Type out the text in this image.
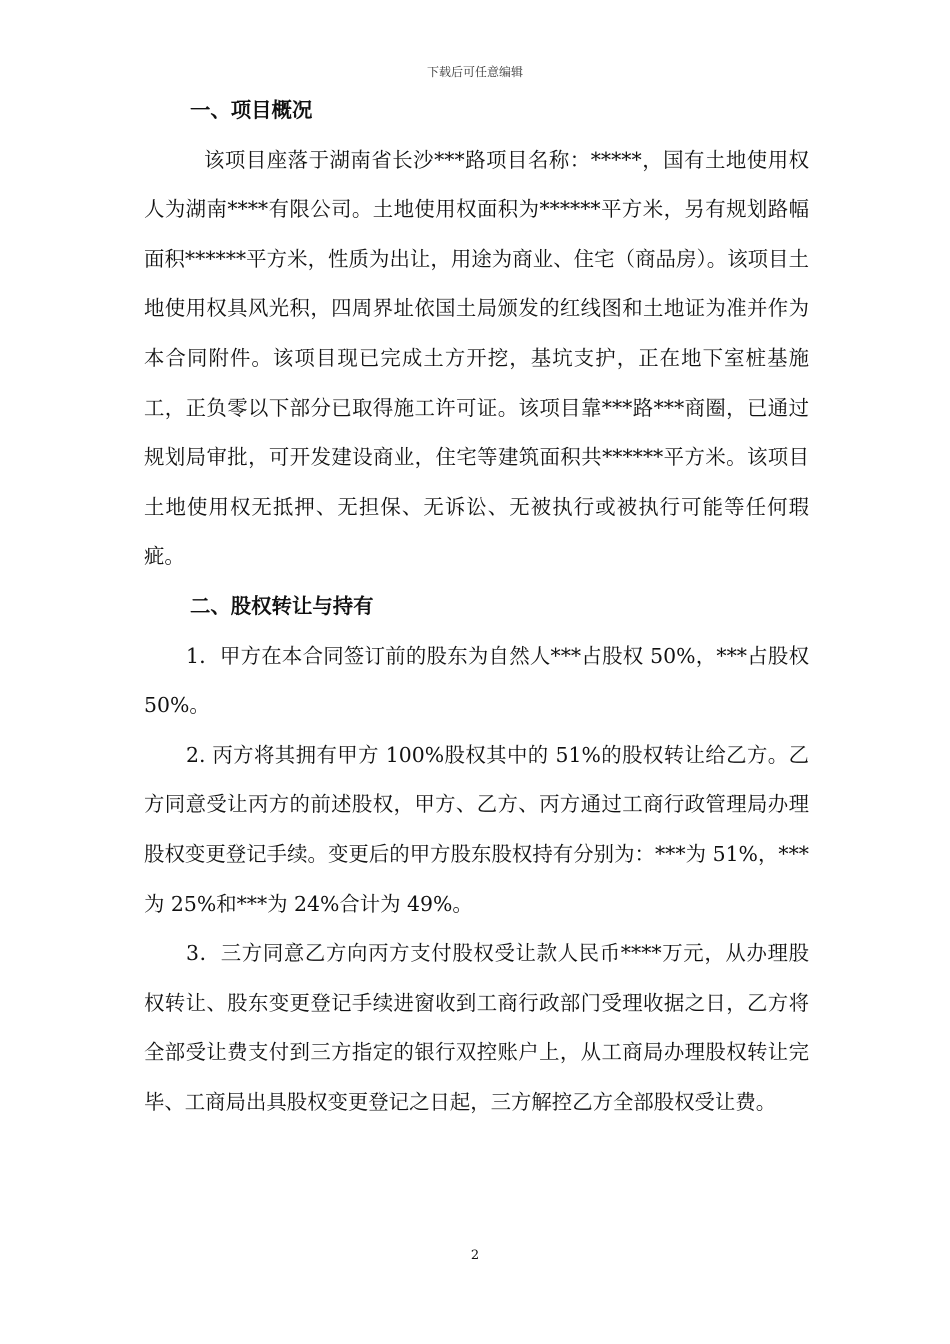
下载后可任意编辑

一、项目概况

该项目座落于湖南省长沙***路项目名称：*****，国有土地使用权人为湖南****有限公司。土地使用权面积为******平方米，另有规划路幅面积******平方米，性质为出让，用途为商业、住宅（商品房）。该项目土地使用权具风光积，四周界址依国土局颁发的红线图和土地证为准并作为本合同附件。该项目现已完成土方开挖，基坑支护，正在地下室桩基施工，正负零以下部分已取得施工许可证。该项目靠***路***商圈，已通过规划局审批，可开发建设商业，住宅等建筑面积共******平方米。该项目土地使用权无抵押、无担保、无诉讼、无被执行或被执行可能等任何瑕疵。

二、股权转让与持有

1．甲方在本合同签订前的股东为自然人***占股权 50%，***占股权 50%。

2. 丙方将其拥有甲方 100%股权其中的 51%的股权转让给乙方。乙方同意受让丙方的前述股权，甲方、乙方、丙方通过工商行政管理局办理股权变更登记手续。变更后的甲方股东股权持有分别为：***为 51%，***为 25%和***为 24%合计为 49%。

3．三方同意乙方向丙方支付股权受让款人民币****万元，从办理股权转让、股东变更登记手续进窗收到工商行政部门受理收据之日，乙方将全部受让费支付到三方指定的银行双控账户上，从工商局办理股权转让完毕、工商局出具股权变更登记之日起，三方解控乙方全部股权受让费。

2
